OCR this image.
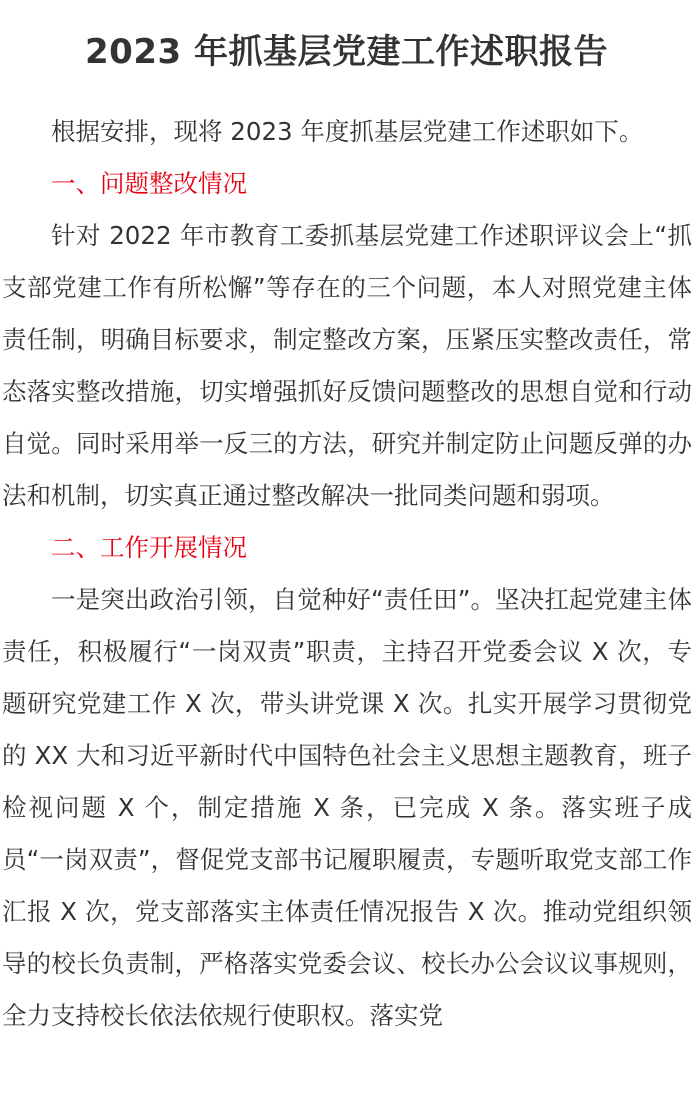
2023 年抓基层党建工作述职报告

根据安排，现将 2023 年度抓基层党建工作述职如下。

一、问题整改情况

针对 2022 年市教育工委抓基层党建工作述职评议会上“抓支部党建工作有所松懈”等存在的三个问题，本人对照党建主体责任制，明确目标要求，制定整改方案，压紧压实整改责任，常态落实整改措施，切实增强抓好反馈问题整改的思想自觉和行动自觉。同时采用举一反三的方法，研究并制定防止问题反弹的办法和机制，切实真正通过整改解决一批同类问题和弱项。

二、工作开展情况

一是突出政治引领，自觉种好“责任田”。坚决扛起党建主体责任，积极履行“一岗双责”职责，主持召开党委会议 X 次，专题研究党建工作 X 次，带头讲党课 X 次。扎实开展学习贯彻党的 XX 大和习近平新时代中国特色社会主义思想主题教育，班子检视问题 X 个，制定措施 X 条，已完成 X 条。落实班子成员“一岗双责”，督促党支部书记履职履责，专题听取党支部工作汇报 X 次，党支部落实主体责任情况报告 X 次。推动党组织领导的校长负责制，严格落实党委会议、校长办公会议议事规则，全力支持校长依法依规行使职权。落实党
